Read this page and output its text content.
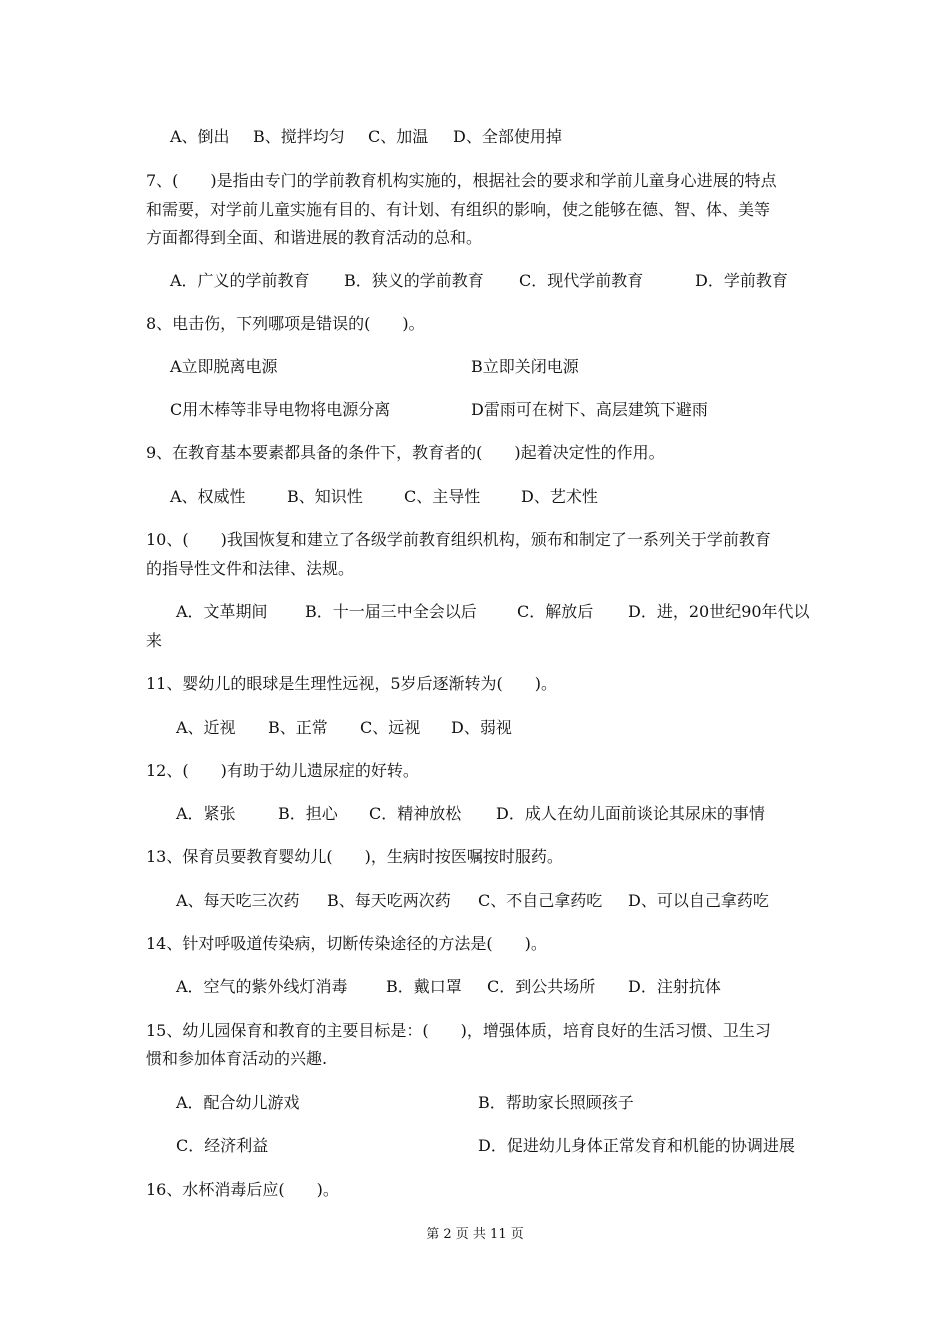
A、倒出 B、搅拌均匀 C、加温 D、全部使用掉
7、(　　)是指由专门的学前教育机构实施的，根据社会的要求和学前儿童身心进展的特点
和需要，对学前儿童实施有目的、有计划、有组织的影响，使之能够在德、智、体、美等
方面都得到全面、和谐进展的教育活动的总和。
A．广义的学前教育 B．狭义的学前教育 C．现代学前教育	D．学前教育
8、电击伤，下列哪项是错误的(　　)。
A立即脱离电源	B立即关闭电源
C用木棒等非导电物将电源分离	D雷雨可在树下、高层建筑下避雨
9、在教育基本要素都具备的条件下，教育者的(　　)起着决定性的作用。
A、权威性	B、知识性	C、主导性	D、艺术性
10、(　　)我国恢复和建立了各级学前教育组织机构，颁布和制定了一系列关于学前教育
的指导性文件和法律、法规。
A．文革期间 B．十一届三中全会以后	C．解放后 D．进，20世纪90年代以
来
11、婴幼儿的眼球是生理性远视，5岁后逐渐转为(　　)。
A、近视 B、正常 C、远视 D、弱视
12、(　　)有助于幼儿遗尿症的好转。
A．紧张	B．担心 C．精神放松 D．成人在幼儿面前谈论其尿床的事情
13、保育员要教育婴幼儿(　　)，生病时按医嘱按时服药。
A、每天吃三次药 B、每天吃两次药 C、不自己拿药吃 D、可以自己拿药吃
14、针对呼吸道传染病，切断传染途径的方法是(　　)。
A．空气的紫外线灯消毒 B．戴口罩 C．到公共场所 D．注射抗体
15、幼儿园保育和教育的主要目标是：(　　)，增强体质，培育良好的生活习惯、卫生习
惯和参加体育活动的兴趣.
A．配合幼儿游戏	B．帮助家长照顾孩子
C．经济利益	D．促进幼儿身体正常发育和机能的协调进展
16、水杯消毒后应(　　)。
第 2 页 共 11 页
